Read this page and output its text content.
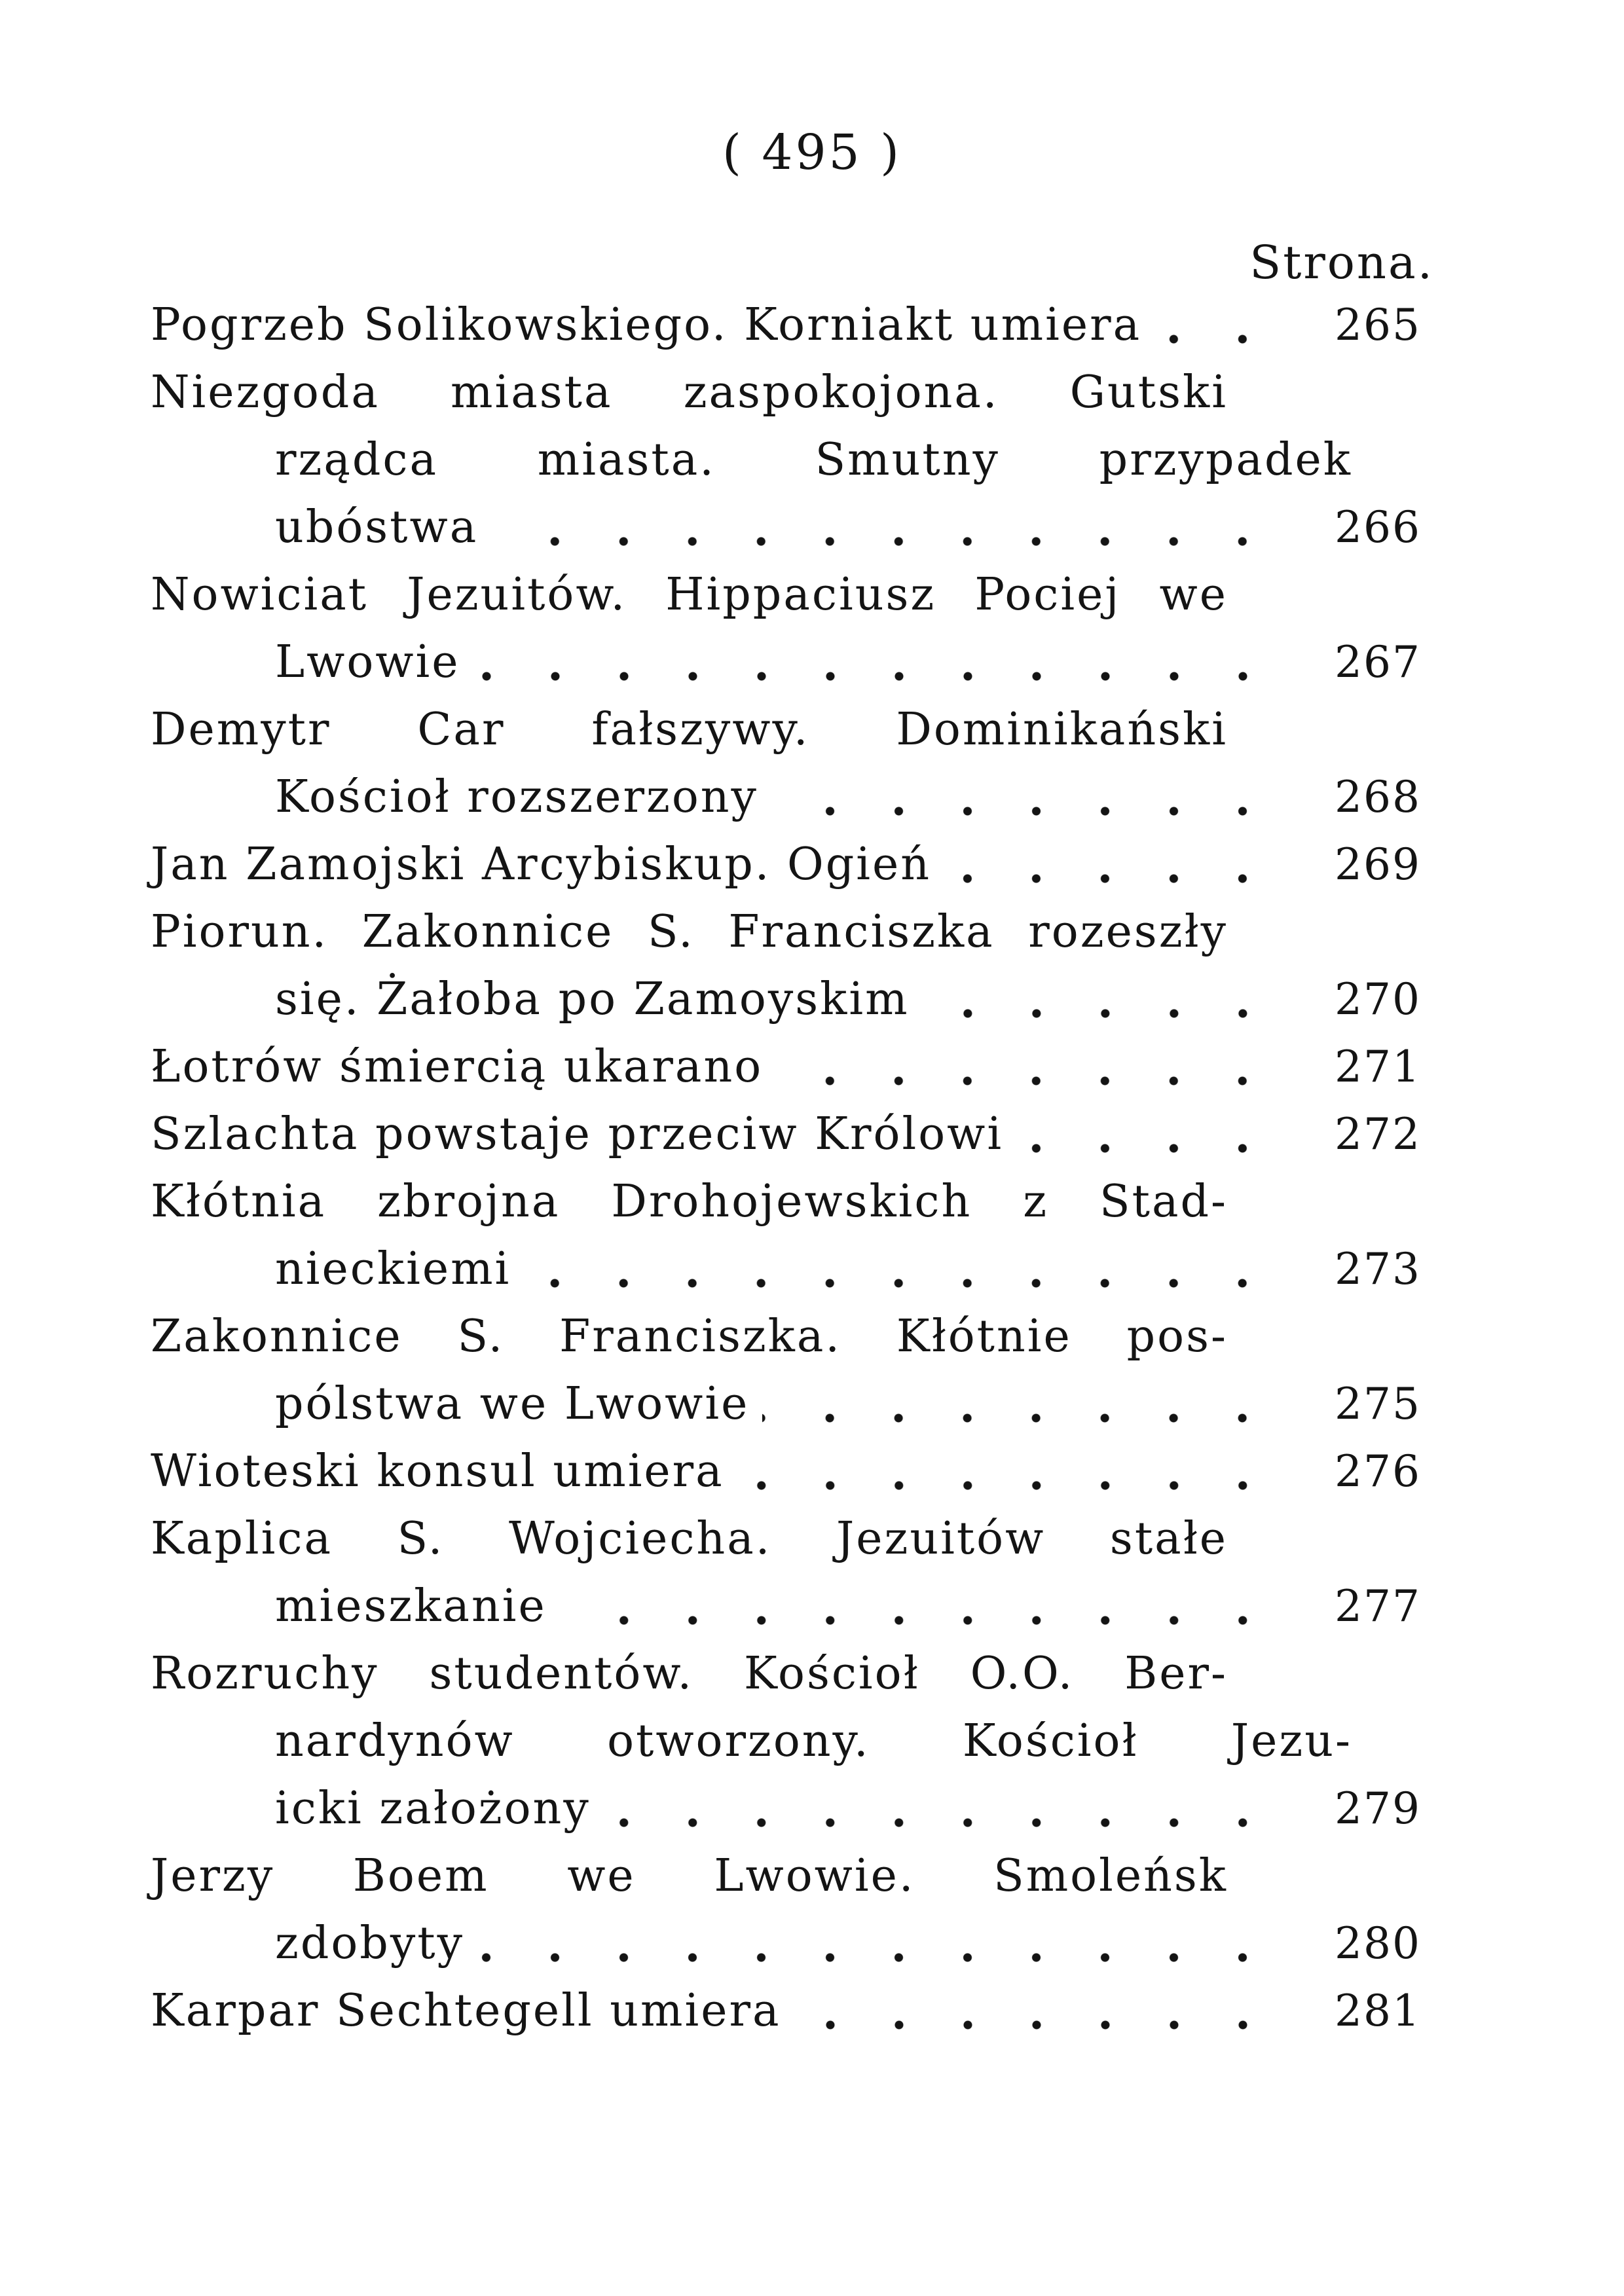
( 495 )
Strona.
Pogrzeb Solikowskiego. Korniakt umiera	265
Niezgoda miasta zaspokojona. Gutski
rządca miasta. Smutny przypadek
ubóstwa	266
Nowiciat Jezuitów. Hippaciusz Pociej we
Lwowie	267
Demytr Car fałszywy. Dominikański
Kościoł rozszerzony	268
Jan Zamojski Arcybiskup. Ogień	269
Piorun. Zakonnice S. Franciszka rozeszły
się. Żałoba po Zamoyskim	270
Łotrów śmiercią ukarano	271
Szlachta powstaje przeciw Królowi	272
Kłótnia zbrojna Drohojewskich z Stad-
nieckiemi	273
Zakonnice S. Franciszka. Kłótnie pos-
pólstwa we Lwowie	275
Wioteski konsul umiera	276
Kaplica S. Wojciecha. Jezuitów stałe
mieszkanie	277
Rozruchy studentów. Kościoł O.O. Ber-
nardynów otworzony. Kościoł Jezu-
icki założony	279
Jerzy Boem we Lwowie. Smoleńsk
zdobyty	280
Karpar Sechtegell umiera	281
